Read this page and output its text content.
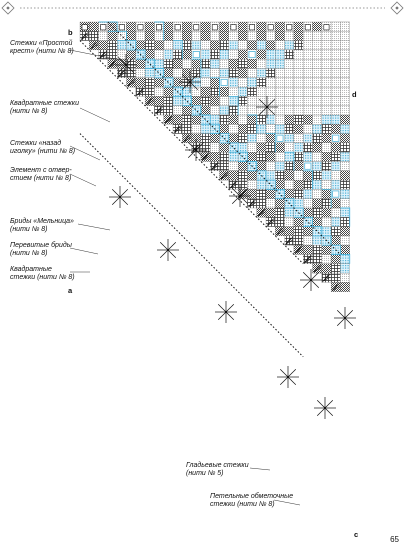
b
d
a
c
Стежки «Простой
крест» (нити № 8)
Квадратные стежки
(нити № 8)
Стежки «назад
иголку» (нити № 8)
Элемент с отвер-
стием (нити № 8)
Бриды «Мельница»
(нити № 8)
Перевитые бриды
(нити № 8)
Квадратные
стежки (нити № 8)
Гладьевые стежки
(нити № 5)
Петельные обметочные
стежки (нити № 8)
65
